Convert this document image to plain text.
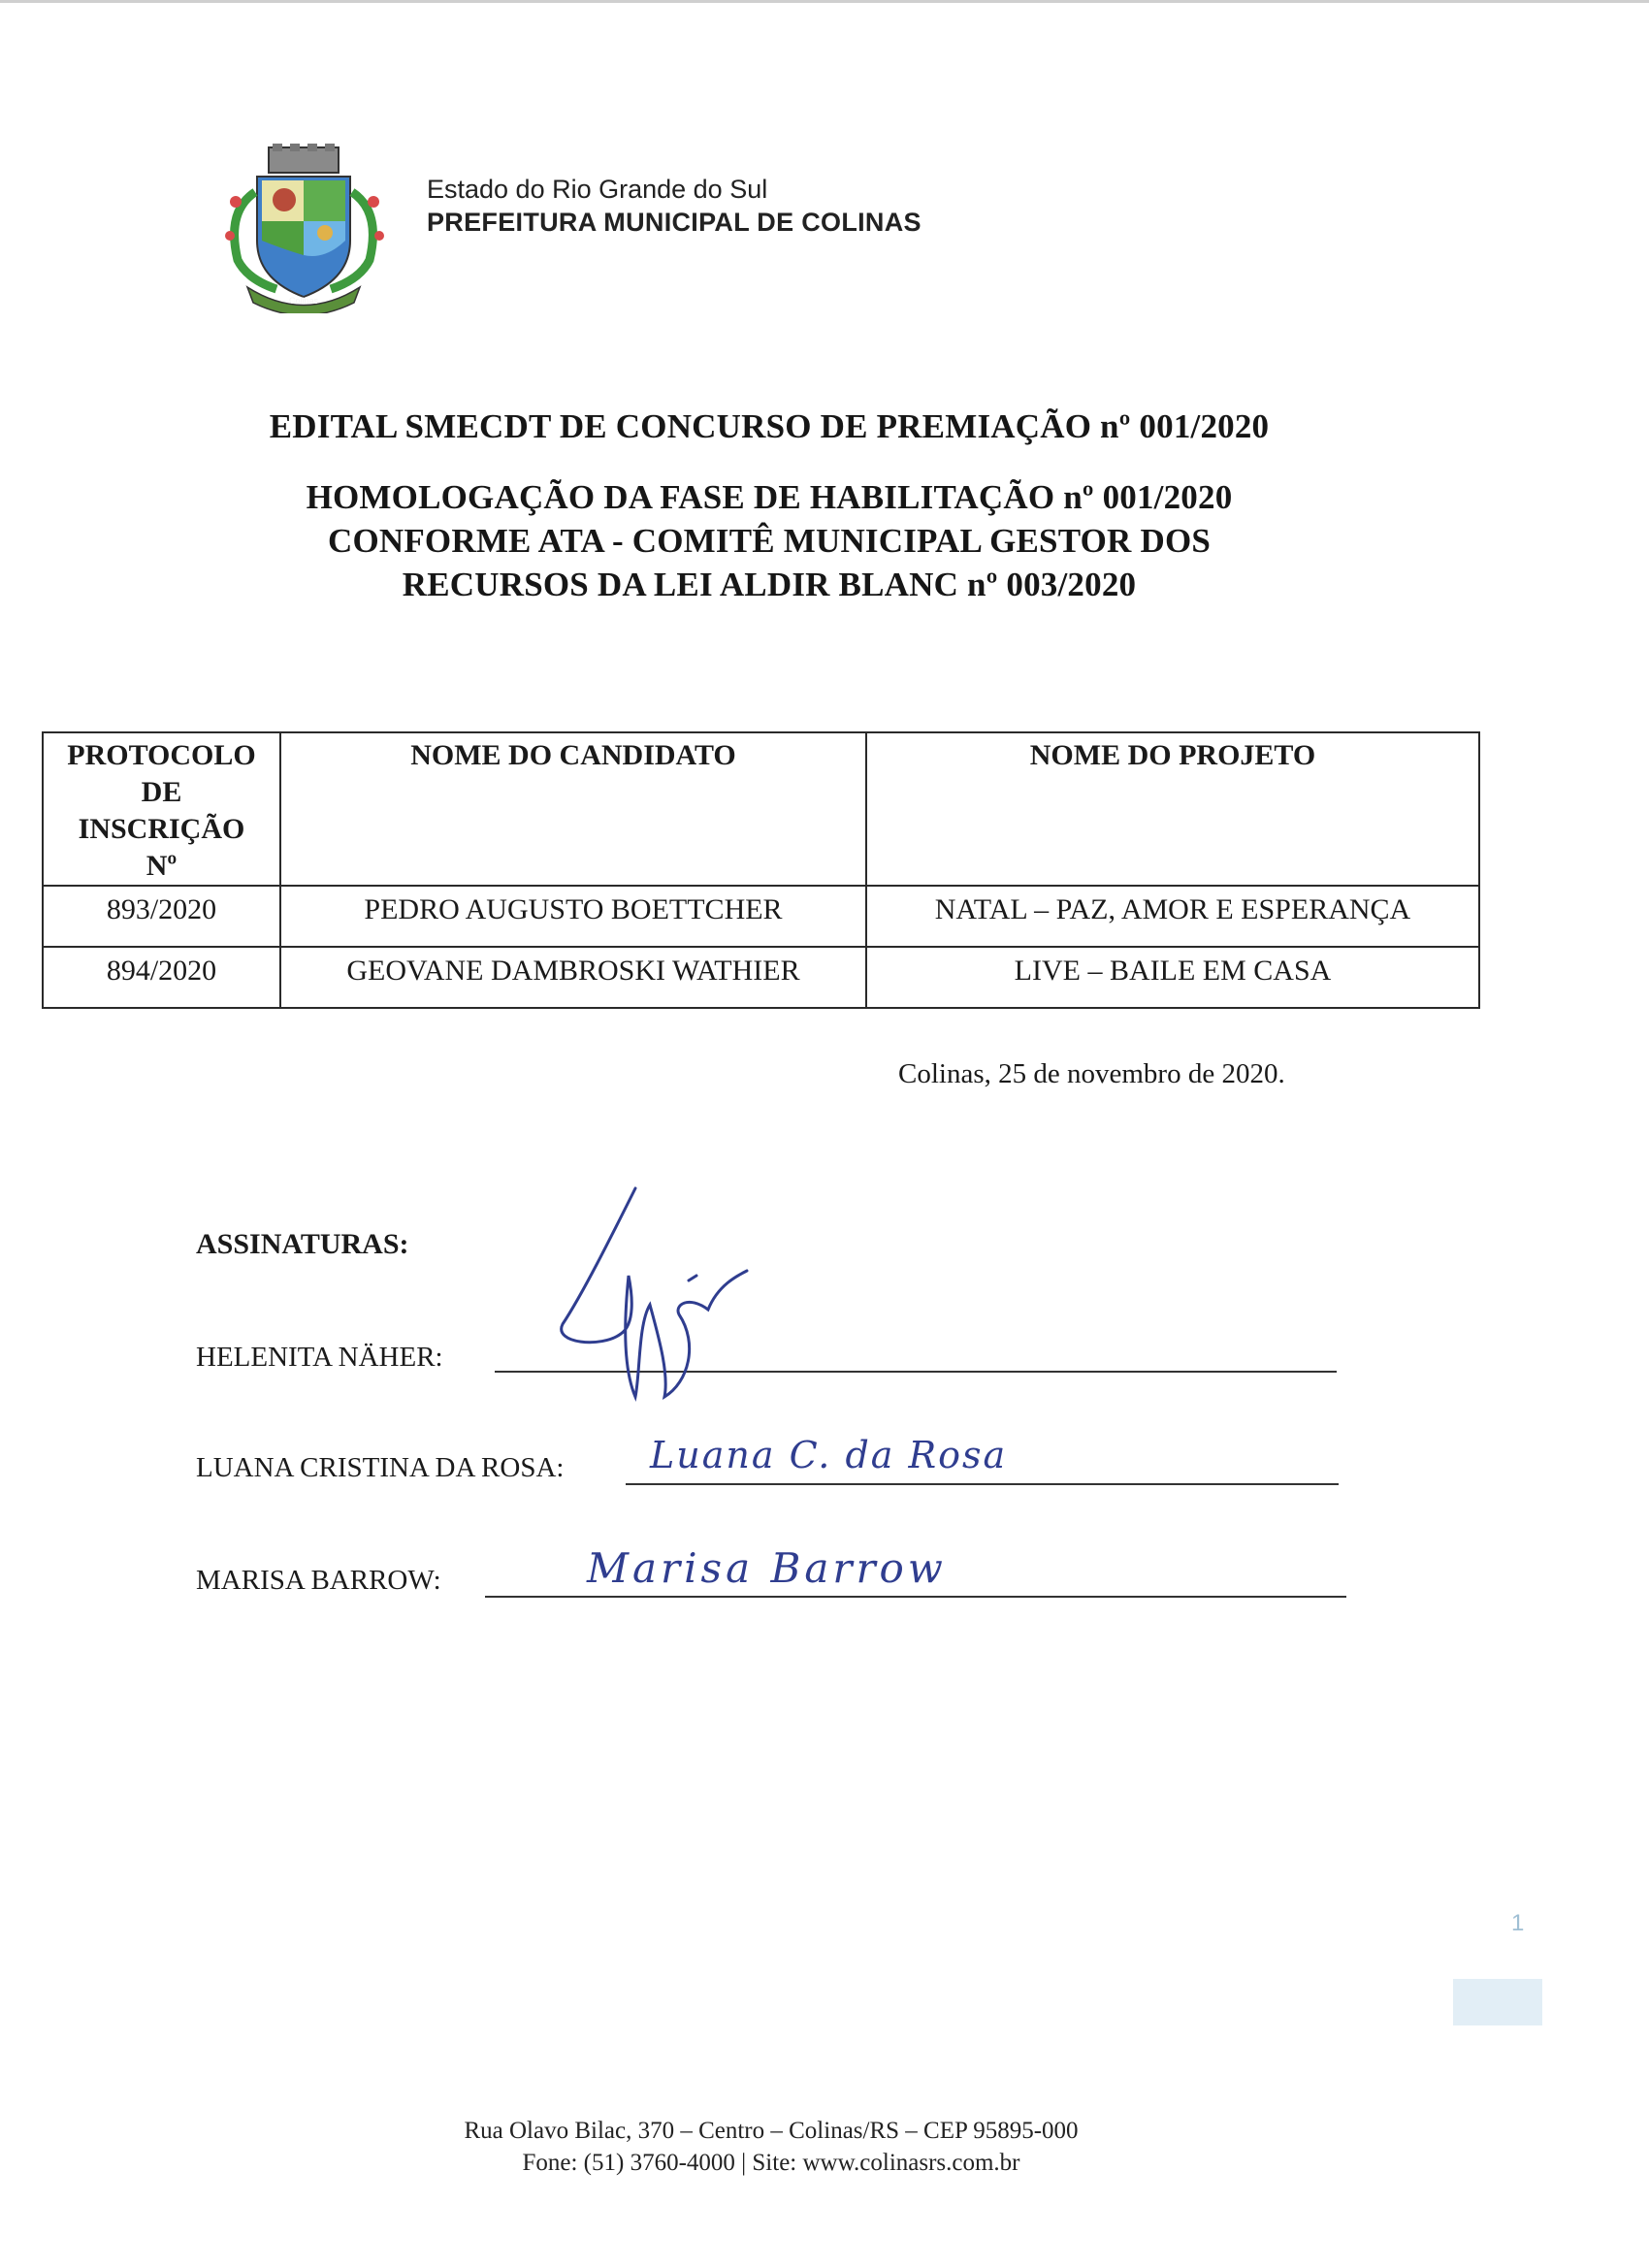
Colinas
Estado do Rio Grande do Sul
PREFEITURA MUNICIPAL DE COLINAS
EDITAL SMECDT DE CONCURSO DE PREMIAÇÃO nº 001/2020
HOMOLOGAÇÃO DA FASE DE HABILITAÇÃO nº 001/2020
CONFORME ATA - COMITÊ MUNICIPAL GESTOR DOS
RECURSOS DA LEI ALDIR BLANC nº 003/2020
PROTOCOLO
DE
INSCRIÇÃO
Nº	NOME DO CANDIDATO	NOME DO PROJETO
893/2020	PEDRO AUGUSTO BOETTCHER	NATAL – PAZ, AMOR E ESPERANÇA
894/2020	GEOVANE DAMBROSKI WATHIER	LIVE – BAILE EM CASA
Colinas, 25 de novembro de 2020.
ASSINATURAS:
HELENITA NÄHER:
LUANA CRISTINA DA ROSA: Luana C. da Rosa
MARISA BARROW:	Marisa Barrow
1
Rua Olavo Bilac, 370 – Centro – Colinas/RS – CEP 95895-000
Fone: (51) 3760-4000 | Site: www.colinasrs.com.br
